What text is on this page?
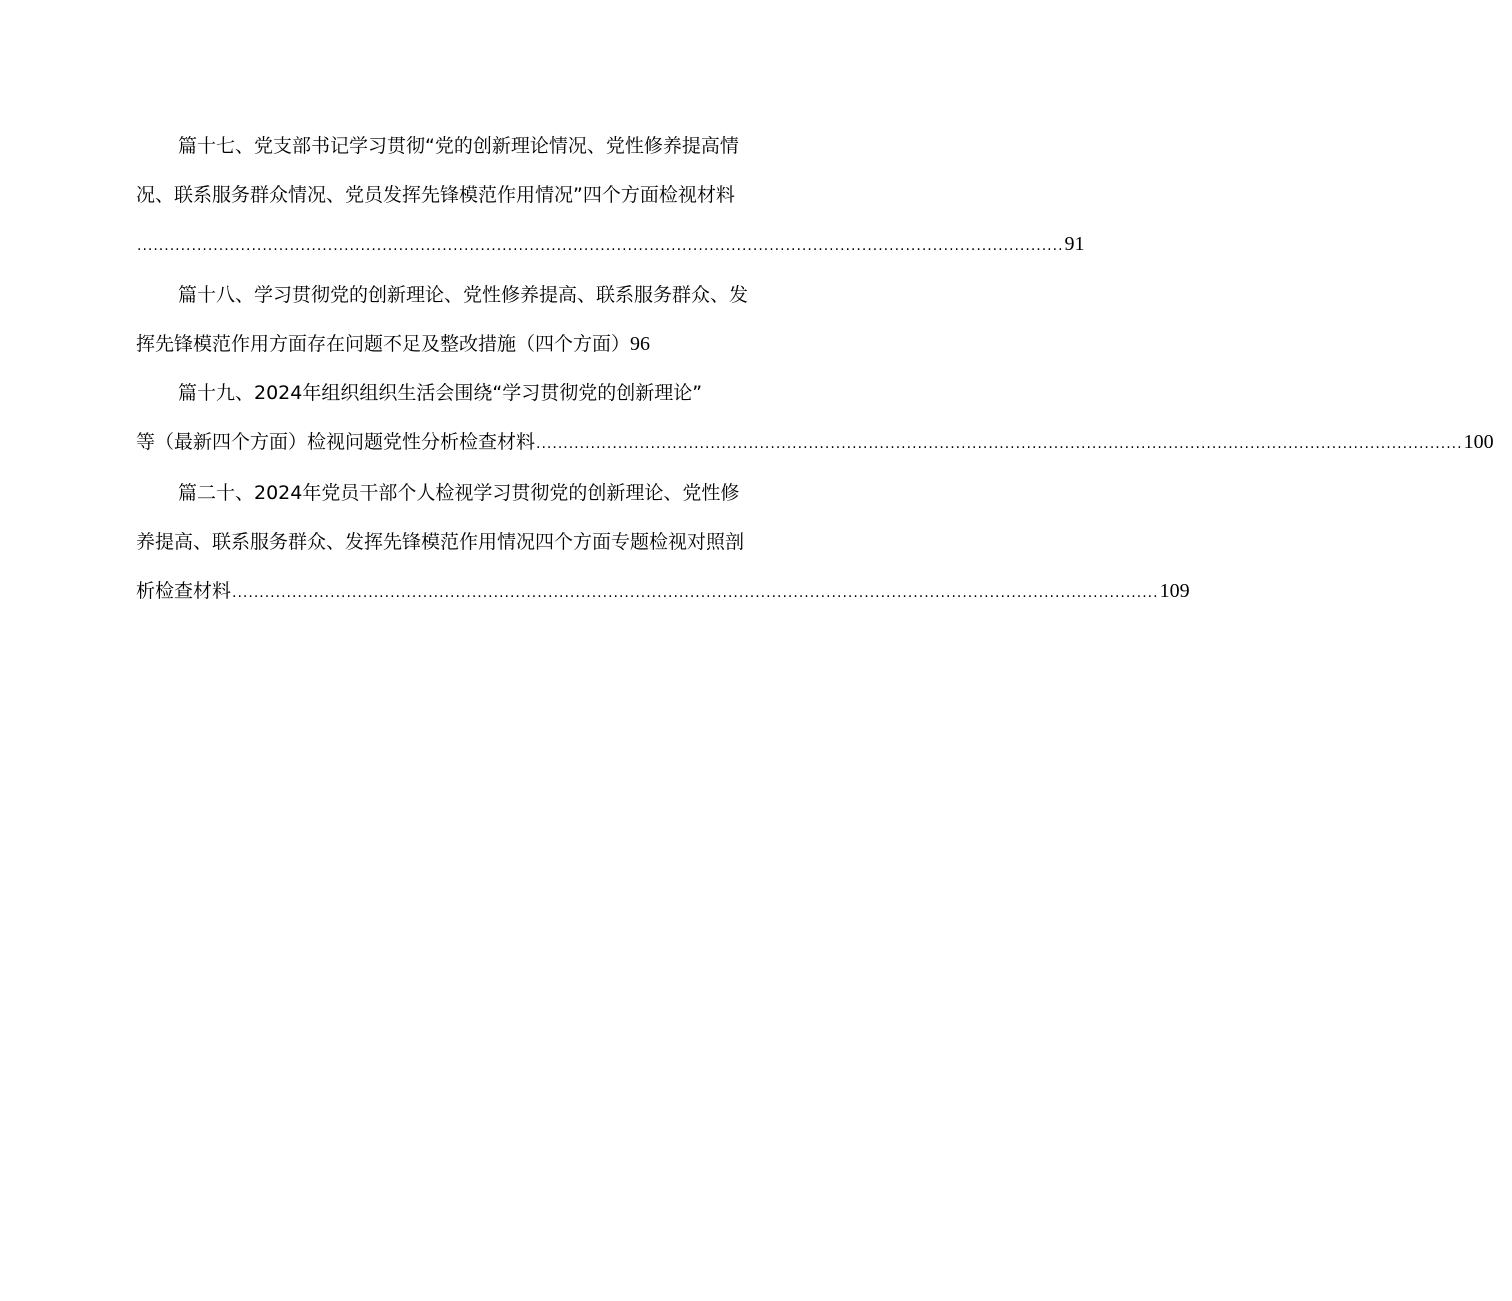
篇十七、党支部书记学习贯彻“党的创新理论情况、党性修养提高情
况、联系服务群众情况、党员发挥先锋模范作用情况”四个方面检视材料
.......................................................................................................................................................................... 91
篇十八、学习贯彻党的创新理论、党性修养提高、联系服务群众、发
挥先锋模范作用方面存在问题不足及整改措施（四个方面） 96
篇十九、2024年组织组织生活会围绕“学习贯彻党的创新理论”
等（最新四个方面）检视问题党性分析检查材料 .......................................................................................................................................................................... 100
篇二十、2024年党员干部个人检视学习贯彻党的创新理论、党性修
养提高、联系服务群众、发挥先锋模范作用情况四个方面专题检视对照剖
析检查材料 .......................................................................................................................................................................... 109
